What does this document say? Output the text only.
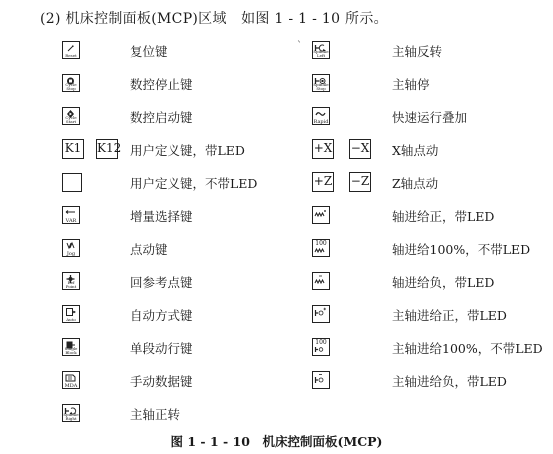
(2) 机床控制面板(MCP)区域　如图 1 - 1 - 10 所示。
ˋ
Reset	复位键
Cycle Stop	数控停止键
Cycle Start	数控启动键
K1 K12 用户定义键，带LED
用户定义键，不带LED
VAR	增量选择键
Jog	点动键
Ref Point	回参考点键
Auto	自动方式键
Single Block	单段动行键
MDA	手动数据键
Spindle Right	主轴正转
Spindle Left	主轴反转
Spindle Stop	主轴停
Rapid	快速运行叠加
+X −X X轴点动
+Z −Z Z轴点动
轴进给正，带LED
100	轴进给100%，不带LED
轴进给负，带LED
主轴进给正，带LED
100	主轴进给100%，不带LED
主轴进给负，带LED
图 1 - 1 - 10　机床控制面板(MCP)
